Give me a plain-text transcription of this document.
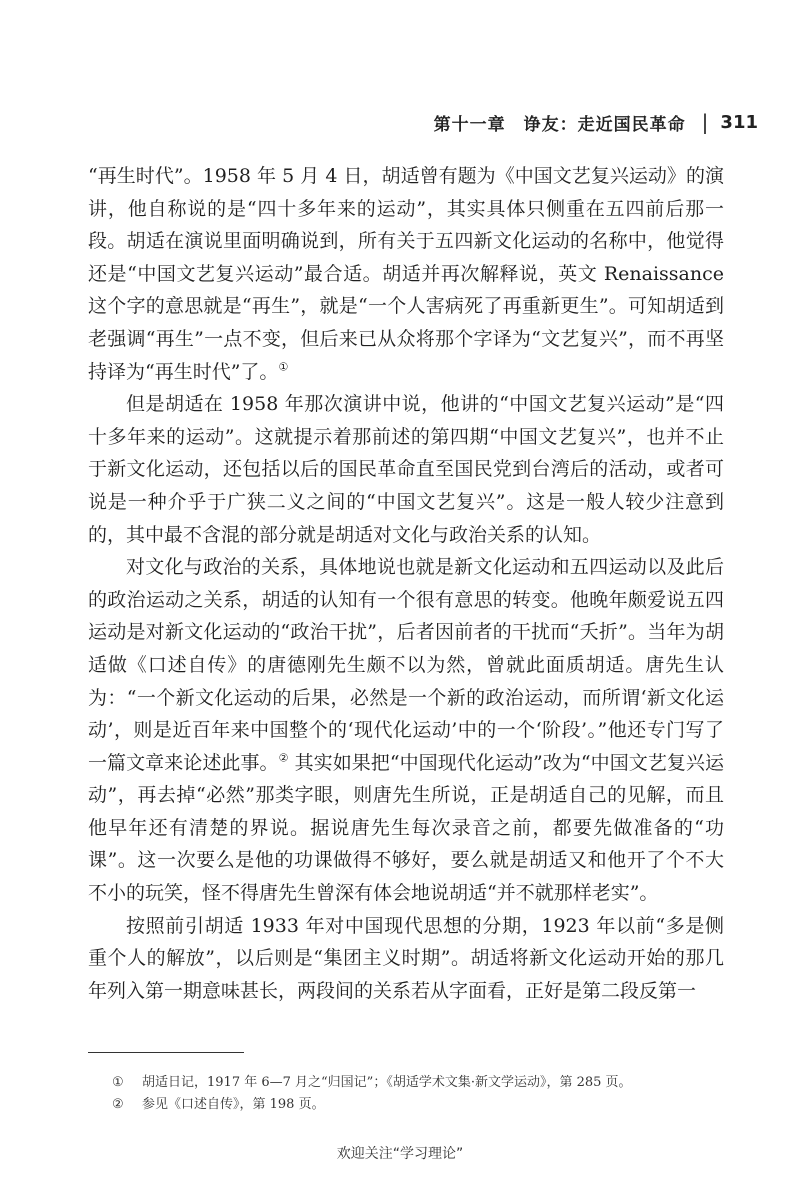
第十一章　诤友：走近国民革命 | 311

“再生时代”。1958 年 5 月 4 日，胡适曾有题为《中国文艺复兴运动》的演讲，他自称说的是“四十多年来的运动”，其实具体只侧重在五四前后那一段。胡适在演说里面明确说到，所有关于五四新文化运动的名称中，他觉得还是“中国文艺复兴运动”最合适。胡适并再次解释说，英文 Renaissance 这个字的意思就是“再生”，就是“一个人害病死了再重新更生”。可知胡适到老强调“再生”一点不变，但后来已从众将那个字译为“文艺复兴”，而不再坚持译为“再生时代”了。①

但是胡适在 1958 年那次演讲中说，他讲的“中国文艺复兴运动”是“四十多年来的运动”。这就提示着那前述的第四期“中国文艺复兴”，也并不止于新文化运动，还包括以后的国民革命直至国民党到台湾后的活动，或者可说是一种介乎于广狭二义之间的“中国文艺复兴”。这是一般人较少注意到的，其中最不含混的部分就是胡适对文化与政治关系的认知。

对文化与政治的关系，具体地说也就是新文化运动和五四运动以及此后的政治运动之关系，胡适的认知有一个很有意思的转变。他晚年颇爱说五四运动是对新文化运动的“政治干扰”，后者因前者的干扰而“夭折”。当年为胡适做《口述自传》的唐德刚先生颇不以为然，曾就此面质胡适。唐先生认为：“一个新文化运动的后果，必然是一个新的政治运动，而所谓‘新文化运动’，则是近百年来中国整个的‘现代化运动’中的一个‘阶段’。”他还专门写了一篇文章来论述此事。② 其实如果把“中国现代化运动”改为“中国文艺复兴运动”，再去掉“必然”那类字眼，则唐先生所说，正是胡适自己的见解，而且他早年还有清楚的界说。据说唐先生每次录音之前，都要先做准备的“功课”。这一次要么是他的功课做得不够好，要么就是胡适又和他开了个不大不小的玩笑，怪不得唐先生曾深有体会地说胡适“并不就那样老实”。

按照前引胡适 1933 年对中国现代思想的分期，1923 年以前“多是侧重个人的解放”，以后则是“集团主义时期”。胡适将新文化运动开始的那几年列入第一期意味甚长，两段间的关系若从字面看，正好是第二段反第一

①	胡适日记，1917 年 6—7 月之“归国记”；《胡适学术文集·新文学运动》，第 285 页。
②	参见《口述自传》，第 198 页。
欢迎关注“学习理论”
